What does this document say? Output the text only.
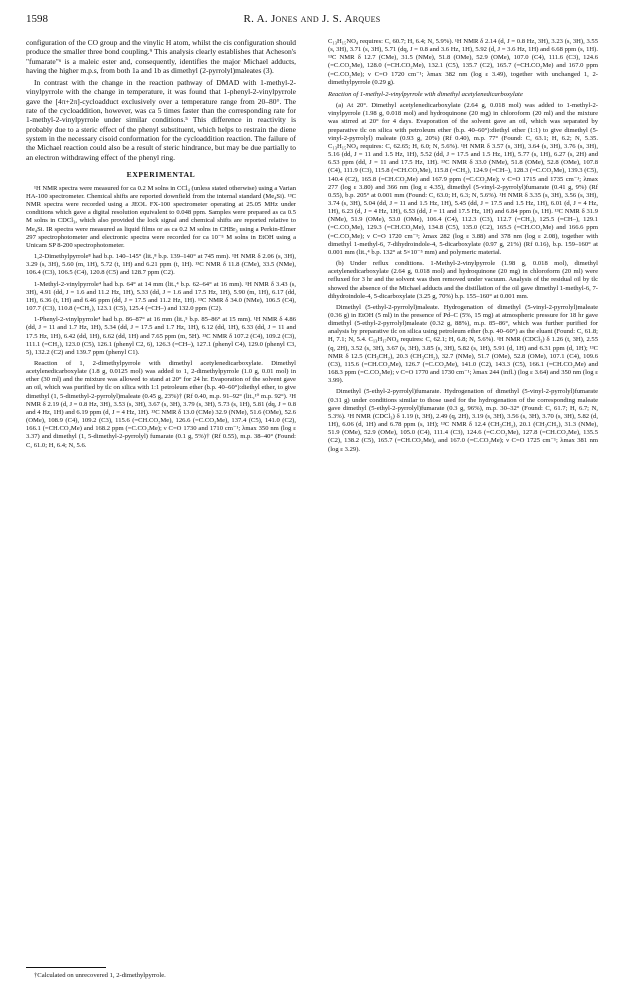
1598	R. A. Jones and J. S. Arques

configuration of the CO group and the vinylic H atom, whilst the cis configuration should produce the smaller three bond coupling.⁹ This analysis clearly establishes that Acheson's "fumarate"⁶ is a maleic ester and, consequently, identifies the major Michael adducts, having the higher m.p.s, from both 1a and 1b as dimethyl (2-pyrrolyl)maleates (3).

In contrast with the change in the reaction pathway of DMAD with 1-methyl-2-vinylpyrrole with the change in temperature, it was found that 1-phenyl-2-vinylpyrrole gave the [4π+2π]-cycloadduct exclusively over a temperature range from 20–80°. The rate of the cycloaddition, however, was ca 5 times faster than the corresponding rate for 1-methyl-2-vinylpyrrole under similar conditions.⁵ This difference in reactivity is probably due to a steric effect of the phenyl substituent, which helps to restrain the diene system in the necessary cisoid conformation for the cycloaddition reaction. The failure of the Michael reaction could also be a result of steric hindrance, but may be due partially to an electron withdrawing effect of the phenyl ring.

EXPERIMENTAL

¹H NMR spectra were measured for ca 0.2 M solns in CCl₄ (unless stated otherwise) using a Varian HA-100 spectrometer. Chemical shifts are reported downfield from the internal standard (Me₄Si). ¹³C NMR spectra were recorded using a JEOL FX-100 spectrometer operating at 25.05 MHz under conditions which gave a digital resolution equivalent to 0.048 ppm. Samples were prepared as ca 0.5 M solns in CDCl₃, which also provided the lock signal and chemical shifts are reported relative to Me₄Si. IR spectra were measured as liquid films or as ca 0.2 M solns in CHBr₃ using a Perkin-Elmer 297 spectrophotometer and electronic spectra were recorded for ca 10⁻⁵ M solns in EtOH using a Unicam SP 8-200 spectrophotometer.

1,2-Dimethylpyrrole⁸ had b.p. 140–145° (lit.,⁸ b.p. 139–140° at 745 mm). ¹H NMR δ 2.06 (s, 3H), 3.29 (s, 3H), 5.60 (m, 1H), 5.72 (t, 1H) and 6.21 ppm (t, 1H). ¹³C NMR δ 11.8 (CMe), 33.5 (NMe), 106.4 (C3), 106.5 (C4), 120.8 (C5) and 128.7 ppm (C2).

1-Methyl-2-vinylpyrrole⁴ had b.p. 64° at 14 mm (lit.,⁴ b.p. 62–64° at 16 mm). ¹H NMR δ 3.43 (s, 3H), 4.91 (dd, J = 1.6 and 11.2 Hz, 1H), 5.33 (dd, J = 1.6 and 17.5 Hz, 1H), 5.90 (m, 1H), 6.17 (dd, 1H), 6.36 (t, 1H) and 6.46 ppm (dd, J = 17.5 and 11.2 Hz, 1H). ¹³C NMR δ 34.0 (NMe), 106.5 (C4), 107.7 (C3), 110.8 (=CH₂), 123.1 (C5), 125.4 (=CH–) and 132.0 ppm (C2).

1-Phenyl-2-vinylpyrrole⁴ had b.p. 86–87° at 16 mm (lit.,⁵ b.p. 85–86° at 15 mm). ¹H NMR δ 4.86 (dd, J = 11 and 1.7 Hz, 1H), 5.34 (dd, J = 17.5 and 1.7 Hz, 1H), 6.12 (dd, 1H), 6.33 (dd, J = 11 and 17.5 Hz, 1H), 6.42 (dd, 1H), 6.62 (dd, 1H) and 7.65 ppm (m, 5H). ¹³C NMR δ 107.2 (C4), 109.2 (C3), 111.1 (=CH₂), 123.0 (C5), 126.1 (phenyl C2, 6), 126.3 (=CH–), 127.1 (phenyl C4), 129.0 (phenyl C3, 5), 132.2 (C2) and 139.7 ppm (phenyl C1).

Reaction of 1, 2-dimethylpyrrole with dimethyl acetylenedicarboxylate. Dimethyl acetylenedicarboxylate (1.8 g, 0.0125 mol) was added to 1, 2-dimethylpyrrole (1.0 g, 0.01 mol) in ether (30 ml) and the mixture was allowed to stand at 20° for 24 hr. Evaporation of the solvent gave an oil, which was purified by tlc on silica with 1:1 petroleum ether (b.p. 40–60°):diethyl ether, to give dimethyl (1, 5-dimethyl-2-pyrrolyl)maleate (0.45 g, 23%)† (Rf 0.40, m.p. 91–92° (lit.,¹⁰ m.p. 92°). ¹H NMR δ 2.19 (d, J = 0.8 Hz, 3H), 3.53 (s, 3H), 3.67 (s, 3H), 3.79 (s, 3H), 5.73 (s, 1H), 5.81 (dq, J = 0.8 and 4 Hz, 1H) and 6.19 ppm (d, J = 4 Hz, 1H). ¹³C NMR δ 13.0 (CMe) 32.9 (NMe), 51.6 (OMe), 52.6 (OMe), 108.9 (C4), 109.2 (C3), 115.6 (=CH.CO₂Me), 126.6 (=C.CO₂Me), 137.4 (C5), 141.0 (C2), 166.1 (=CH.CO₂Me) and 168.2 ppm (=C.CO₂Me); ν C=O 1730 and 1710 cm⁻¹; λmax 350 nm (log ε 3.37) and dimethyl (1, 5-dimethyl-2-pyrrolyl) fumarate (0.1 g, 5%)† (Rf 0.55), m.p. 38–40° (Found: C, 61.0; H, 6.4; N, 5.6.

C₁₃H₁₅NO₄ requires: C, 60.7; H, 6.4; N, 5.9%). ¹H NMR δ 2.14 (d, J = 0.8 Hz, 3H), 3.23 (s, 3H), 3.55 (s, 3H), 3.71 (s, 3H), 5.71 (dq, J = 0.8 and 3.6 Hz, 1H), 5.92 (d, J = 3.6 Hz, 1H) and 6.68 ppm (s, 1H). ¹³C NMR δ 12.7 (CMe), 31.5 (NMe), 51.8 (OMe), 52.9 (OMe), 107.0 (C4), 111.6 (C3), 124.6 (=C.CO₂Me), 128.0 (=CH.CO₂Me), 132.1 (C5), 135.7 (C2), 165.7 (=CH.CO₂Me) and 167.0 ppm (=C.CO₂Me); ν C=O 1720 cm⁻¹; λmax 382 nm (log ε 3.49), together with unchanged 1, 2-dimethylpyrrole (0.29 g).

Reaction of 1-methyl-2-vinylpyrrole with dimethyl acetylenedicarboxylate

(a) At 20°. Dimethyl acetylenedicarboxylate (2.64 g, 0.018 mol) was added to 1-methyl-2-vinylpyrrole (1.98 g, 0.018 mol) and hydroquinone (20 mg) in chloroform (20 ml) and the mixture was stirred at 20° for 4 days. Evaporation of the solvent gave an oil, which was separated by preparative tlc on silica with petroleum ether (b.p. 40–60°):diethyl ether (1:1) to give dimethyl (5-vinyl-2-pyrrolyl) maleate (0.93 g, 20%) (Rf 0.40), m.p. 77° (Found: C, 63.1; H, 6.2; N, 5.35. C₁₃H₁₅NO₄ requires: C, 62.65; H, 6.0; N, 5.6%). ¹H NMR δ 3.57 (s, 3H), 3.64 (s, 3H), 3.76 (s, 3H), 5.16 (dd, J = 11 and 1.5 Hz, 1H), 5.52 (dd, J = 17.5 and 1.5 Hz, 1H), 5.77 (s, 1H), 6.27 (s, 2H) and 6.53 ppm (dd, J = 11 and 17.5 Hz, 1H). ¹³C NMR δ 33.0 (NMe), 51.8 (OMe), 52.8 (OMe), 107.8 (C4), 111.9 (C3), 115.8 (=CH.CO₂Me), 115.8 (=CH₂), 124.9 (=CH–), 128.3 (=C.CO₂Me), 139.3 (C5), 140.4 (C2), 165.8 (=CH.CO₂Me) and 167.9 ppm (=C.CO₂Me); ν C=O 1715 and 1735 cm⁻¹; λmax 277 (log ε 3.80) and 366 nm (log ε 4.35), dimethyl (5-vinyl-2-pyrrolyl)fumarate (0.41 g, 9%) (Rf 0.55), b.p. 205° at 0.001 mm (Found: C, 63.0; H, 6.3; N, 5.6%). ¹H NMR δ 3.35 (s, 3H), 3.56 (s, 3H), 3.74 (s, 3H), 5.04 (dd, J = 11 and 1.5 Hz, 1H), 5.45 (dd, J = 17.5 and 1.5 Hz, 1H), 6.01 (d, J = 4 Hz, 1H), 6.23 (d, J = 4 Hz, 1H), 6.53 (dd, J = 11 and 17.5 Hz, 1H) and 6.84 ppm (s, 1H). ¹³C NMR δ 31.9 (NMe), 51.9 (OMe), 53.0 (OMe), 106.4 (C4), 112.3 (C3), 112.7 (=CH₂), 125.5 (=CH–), 129.1 (=C.CO₂Me), 129.3 (=CH.CO₂Me), 134.8 (C5), 135.0 (C2), 165.5 (=CH.CO₂Me) and 166.6 ppm (=C.CO₂Me); ν C=O 1720 cm⁻¹; λmax 282 (log ε 3.88) and 378 nm (log ε 2.08), together with dimethyl 1-methyl-6, 7-dihydroindole-4, 5-dicarboxylate (0.97 g, 21%) (Rf 0.16), b.p. 159–160° at 0.001 mm (lit.,⁴ b.p. 132° at 5×10⁻⁵ mm) and polymeric material.

(b) Under reflux conditions. 1-Methyl-2-vinylpyrrole (1.98 g, 0.018 mol), dimethyl acetylenedicarboxylate (2.64 g, 0.018 mol) and hydroquinone (20 mg) in chloroform (20 ml) were refluxed for 3 hr and the solvent was then removed under vacuum. Analysis of the residual oil by tlc showed the absence of the Michael adducts and the distillation of the oil gave dimethyl 1-methyl-6, 7-dihydroindole-4, 5-dicarboxylate (3.25 g, 70%) b.p. 155–160° at 0.001 mm.

Dimethyl (5-ethyl-2-pyrrolyl)maleate. Hydrogenation of dimethyl (5-vinyl-2-pyrrolyl)maleate (0.36 g) in EtOH (5 ml) in the presence of Pd–C (5%, 15 mg) at atmospheric pressure for 18 hr gave dimethyl (5-ethyl-2-pyrrolyl)maleate (0.32 g, 88%), m.p. 85–86°, which was further purified for analysis by preparative tlc on silica using petroleum ether (b.p. 40–60°) as the eluant (Found: C, 61.8; H, 7.1; N, 5.4. C₁₃H₁₇NO₄ requires: C, 62.1; H, 6.8; N, 5.6%). ¹H NMR (CDCl₃) δ 1.26 (t, 3H), 2.55 (q, 2H), 3.52 (s, 3H), 3.67 (s, 3H), 3.85 (s, 3H), 5.82 (s, 1H), 5.91 (d, 1H) and 6.31 ppm (d, 1H); ¹³C NMR δ 12.5 (CH₃CH₂), 20.3 (CH₃CH₂), 32.7 (NMe), 51.7 (OMe), 52.8 (OMe), 107.1 (C4), 109.6 (C3), 115.6 (=CH.CO₂Me), 126.7 (=C.CO₂Me), 141.0 (C2), 143.3 (C5), 166.1 (=CH.CO₂Me) and 168.3 ppm (=C.CO₂Me); ν C=O 1770 and 1730 cm⁻¹; λmax 244 (infl.) (log ε 3.64) and 350 nm (log ε 3.99).

Dimethyl (5-ethyl-2-pyrrolyl)fumarate. Hydrogenation of dimethyl (5-vinyl-2-pyrrolyl)fumarate (0.31 g) under conditions similar to those used for the hydrogenation of the corresponding maleate gave dimethyl (5-ethyl-2-pyrrolyl)fumarate (0.3 g, 96%), m.p. 30–32° (Found: C, 61.7; H, 6.7; N, 5.3%). ¹H NMR (CDCl₃) δ 1.19 (t, 3H), 2.49 (q, 2H), 3.19 (s, 3H), 3.56 (s, 3H), 3.70 (s, 3H), 5.82 (d, 1H), 6.06 (d, 1H) and 6.78 ppm (s, 1H); ¹³C NMR δ 12.4 (CH₃CH₂), 20.1 (CH₃CH₂), 31.3 (NMe), 51.9 (OMe), 52.9 (OMe), 105.0 (C4), 111.4 (C3), 124.6 (=C.CO₂Me), 127.8 (=CH.CO₂Me), 135.5 (C2), 138.2 (C5), 165.7 (=CH.CO₂Me), and 167.0 (=C.CO₂Me); ν C=O 1725 cm⁻¹; λmax 381 nm (log ε 3.29).

†Calculated on unrecovered 1, 2-dimethylpyrrole.
